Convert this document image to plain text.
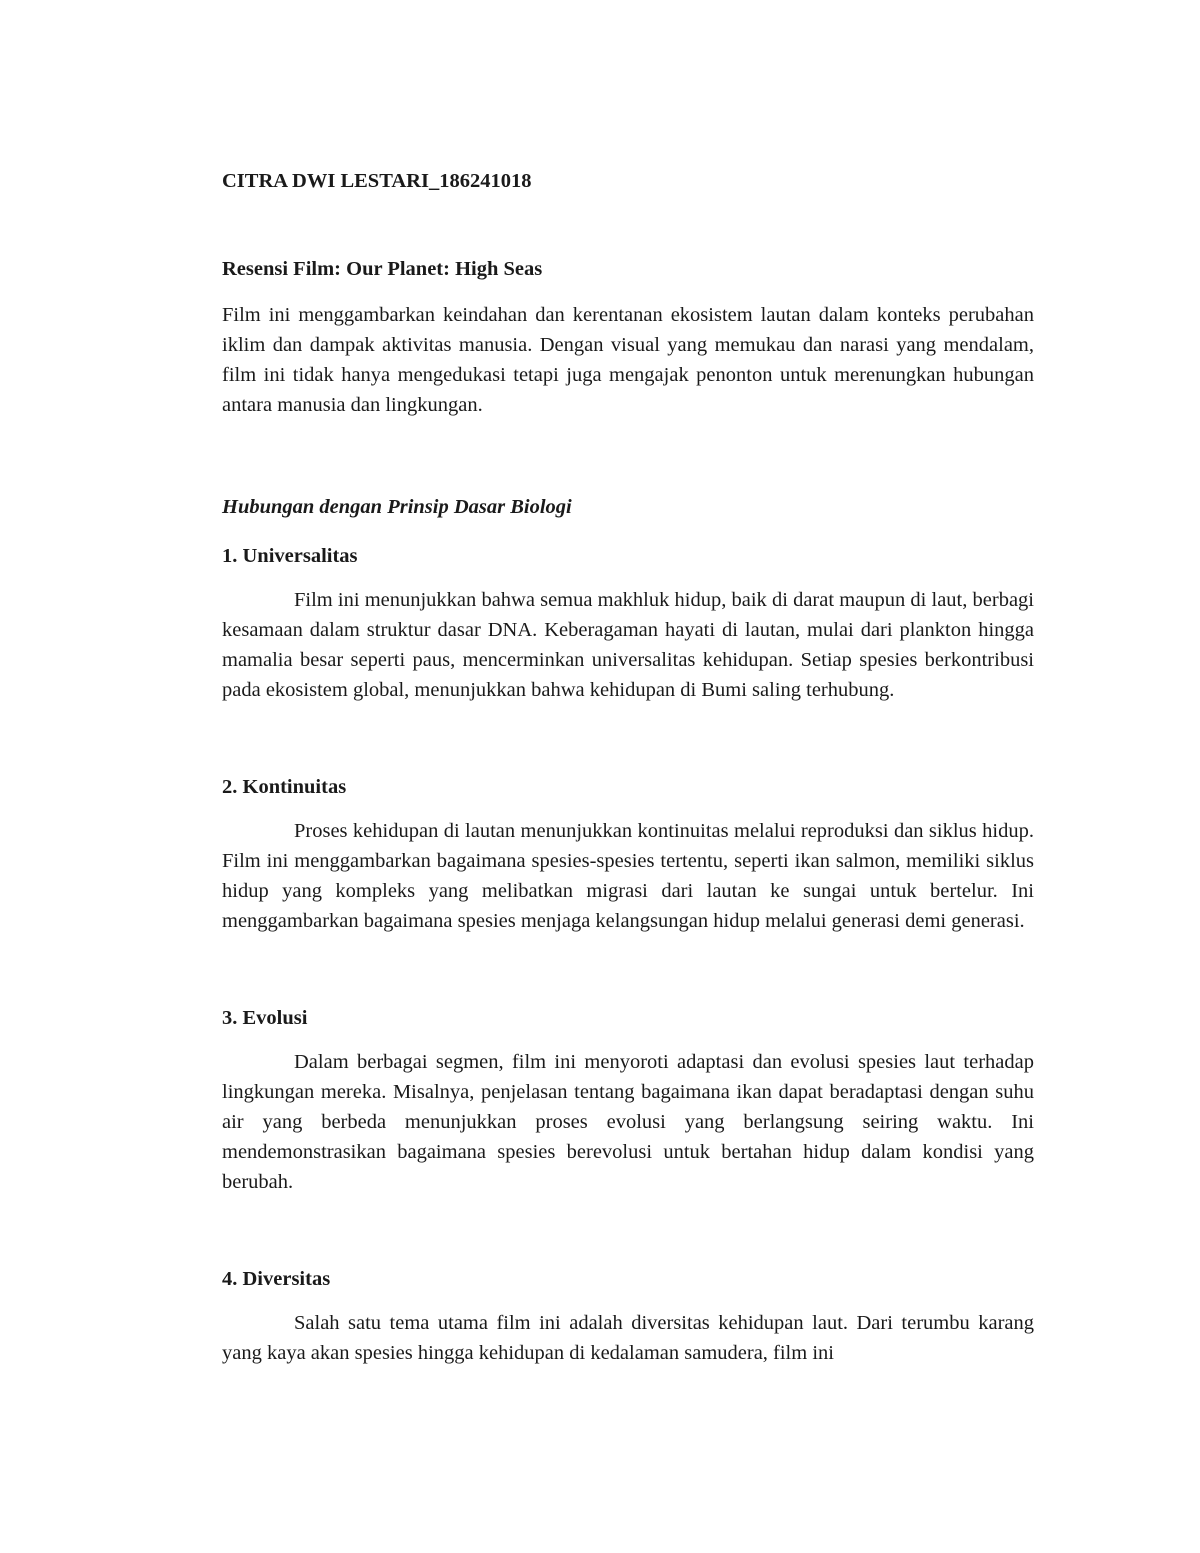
CITRA DWI LESTARI_186241018
Resensi Film: Our Planet: High Seas

Film ini menggambarkan keindahan dan kerentanan ekosistem lautan dalam konteks perubahan iklim dan dampak aktivitas manusia. Dengan visual yang memukau dan narasi yang mendalam, film ini tidak hanya mengedukasi tetapi juga mengajak penonton untuk merenungkan hubungan antara manusia dan lingkungan.

Hubungan dengan Prinsip Dasar Biologi
1. Universalitas

Film ini menunjukkan bahwa semua makhluk hidup, baik di darat maupun di laut, berbagi kesamaan dalam struktur dasar DNA. Keberagaman hayati di lautan, mulai dari plankton hingga mamalia besar seperti paus, mencerminkan universalitas kehidupan. Setiap spesies berkontribusi pada ekosistem global, menunjukkan bahwa kehidupan di Bumi saling terhubung.

2. Kontinuitas

Proses kehidupan di lautan menunjukkan kontinuitas melalui reproduksi dan siklus hidup. Film ini menggambarkan bagaimana spesies-spesies tertentu, seperti ikan salmon, memiliki siklus hidup yang kompleks yang melibatkan migrasi dari lautan ke sungai untuk bertelur. Ini menggambarkan bagaimana spesies menjaga kelangsungan hidup melalui generasi demi generasi.

3. Evolusi

Dalam berbagai segmen, film ini menyoroti adaptasi dan evolusi spesies laut terhadap lingkungan mereka. Misalnya, penjelasan tentang bagaimana ikan dapat beradaptasi dengan suhu air yang berbeda menunjukkan proses evolusi yang berlangsung seiring waktu. Ini mendemonstrasikan bagaimana spesies berevolusi untuk bertahan hidup dalam kondisi yang berubah.

4. Diversitas

Salah satu tema utama film ini adalah diversitas kehidupan laut. Dari terumbu karang yang kaya akan spesies hingga kehidupan di kedalaman samudera, film ini
